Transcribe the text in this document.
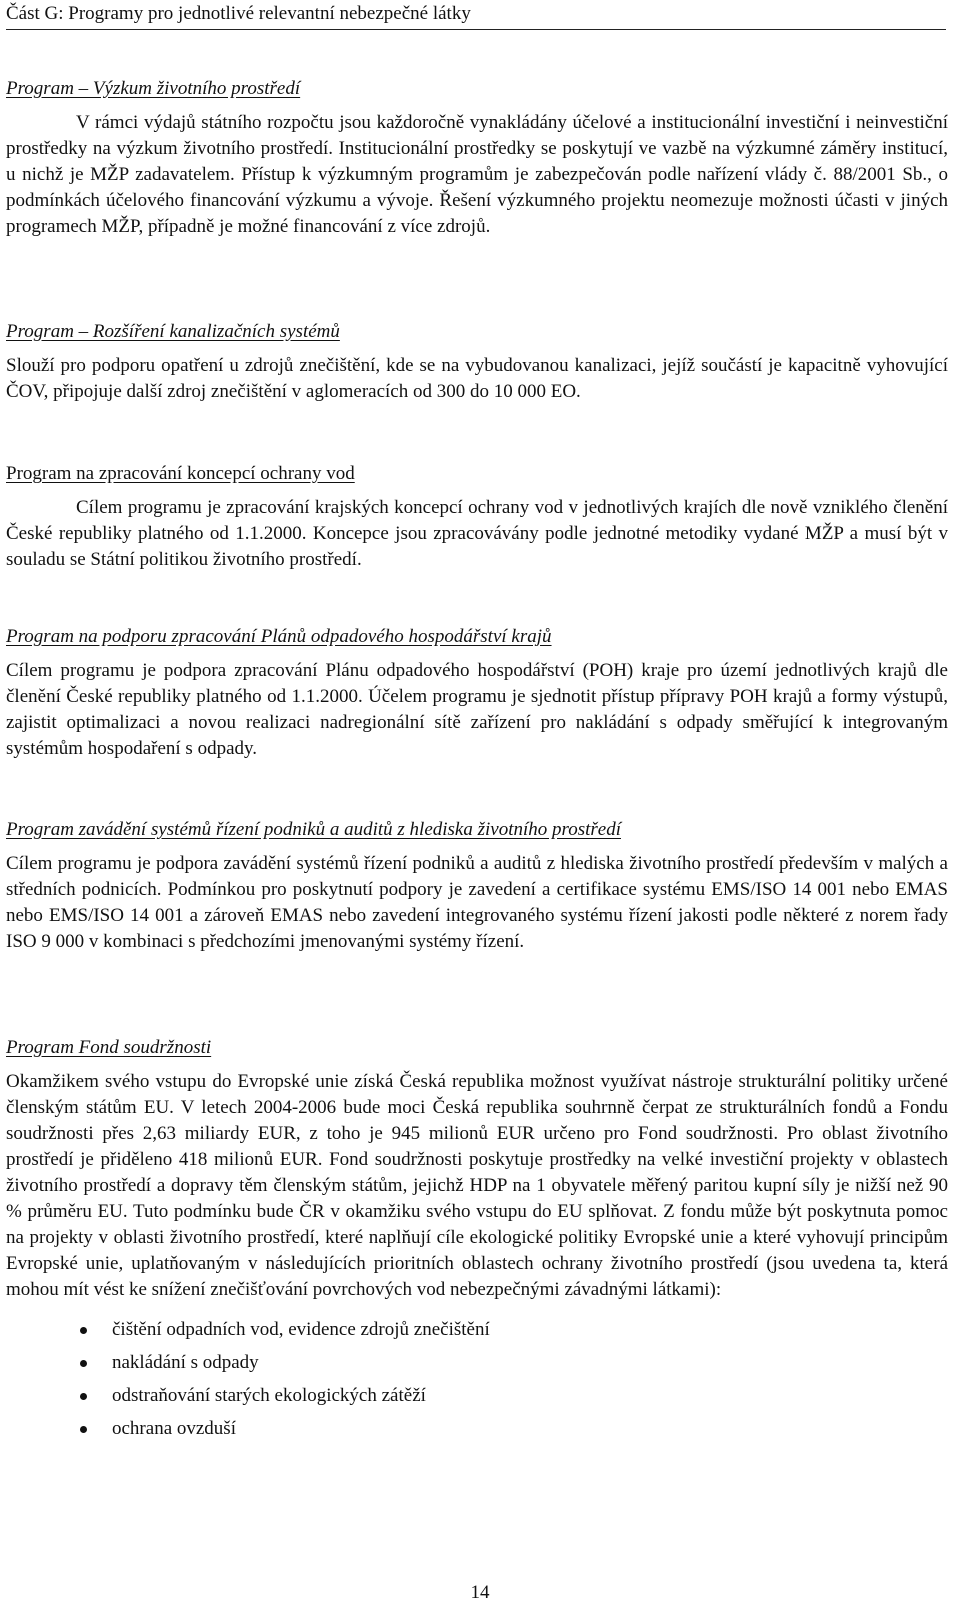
Část G: Programy pro jednotlivé relevantní nebezpečné látky

Program – Výzkum životního prostředí

V rámci výdajů státního rozpočtu jsou každoročně vynakládány účelové a institucionální investiční i neinvestiční prostředky na výzkum životního prostředí. Institucionální prostředky se poskytují ve vazbě na výzkumné záměry institucí, u nichž je MŽP zadavatelem. Přístup k výzkumným programům je zabezpečován podle nařízení vlády č. 88/2001 Sb., o podmínkách účelového financování výzkumu a vývoje. Řešení výzkumného projektu neomezuje možnosti účasti v jiných programech MŽP, případně je možné financování z více zdrojů.

Program – Rozšíření kanalizačních systémů

Slouží pro podporu opatření u zdrojů znečištění, kde se na vybudovanou kanalizaci, jejíž součástí je kapacitně vyhovující ČOV, připojuje další zdroj znečištění v aglomeracích od 300 do 10 000 EO.

Program na zpracování koncepcí ochrany vod

Cílem programu je zpracování krajských koncepcí ochrany vod v jednotlivých krajích dle nově vzniklého členění České republiky platného od 1.1.2000. Koncepce jsou zpracovávány podle jednotné metodiky vydané MŽP a musí být v souladu se Státní politikou životního prostředí.

Program na podporu zpracování Plánů odpadového hospodářství krajů

Cílem programu je podpora zpracování Plánu odpadového hospodářství (POH) kraje pro území jednotlivých krajů dle členění České republiky platného od 1.1.2000. Účelem programu je sjednotit přístup přípravy POH krajů a formy výstupů, zajistit optimalizaci a novou realizaci nadregionální sítě zařízení pro nakládání s odpady směřující k integrovaným systémům hospodaření s odpady.

Program zavádění systémů řízení podniků a auditů z hlediska životního prostředí

Cílem programu je podpora zavádění systémů řízení podniků a auditů z hlediska životního prostředí především v malých a středních podnicích. Podmínkou pro poskytnutí podpory je zavedení a certifikace systému EMS/ISO 14 001 nebo EMAS nebo EMS/ISO 14 001 a zároveň EMAS nebo zavedení integrovaného systému řízení jakosti podle některé z norem řady ISO 9 000 v kombinaci s předchozími jmenovanými systémy řízení.

Program Fond soudržnosti

Okamžikem svého vstupu do Evropské unie získá Česká republika možnost využívat nástroje strukturální politiky určené členským státům EU. V letech 2004-2006 bude moci Česká republika souhrnně čerpat ze strukturálních fondů a Fondu soudržnosti přes 2,63 miliardy EUR, z toho je 945 milionů EUR určeno pro Fond soudržnosti. Pro oblast životního prostředí je přiděleno 418 milionů EUR. Fond soudržnosti poskytuje prostředky na velké investiční projekty v oblastech životního prostředí a dopravy těm členským státům, jejichž HDP na 1 obyvatele měřený paritou kupní síly je nižší než 90 % průměru EU. Tuto podmínku bude ČR v okamžiku svého vstupu do EU splňovat. Z fondu může být poskytnuta pomoc na projekty v oblasti životního prostředí, které naplňují cíle ekologické politiky Evropské unie a které vyhovují principům Evropské unie, uplatňovaným v následujících prioritních oblastech ochrany životního prostředí (jsou uvedena ta, která mohou mít vést ke snížení znečišťování povrchových vod nebezpečnými závadnými látkami):

čištění odpadních vod, evidence zdrojů znečištění
nakládání s odpady
odstraňování starých ekologických zátěží
ochrana ovzduší
14
